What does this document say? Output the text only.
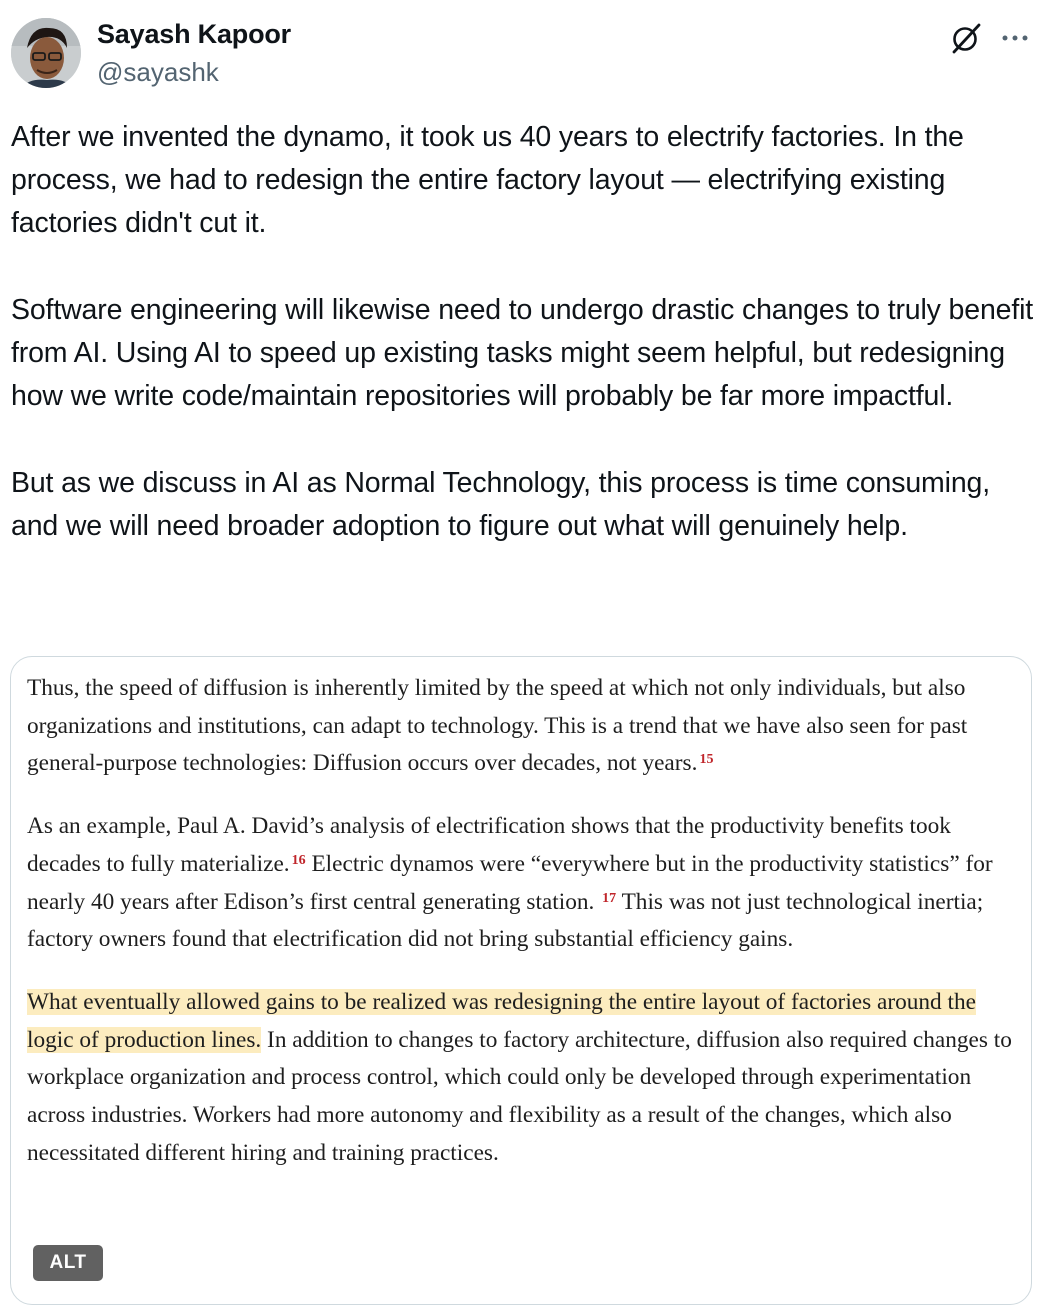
Sayash Kapoor
@sayashk
After we invented the dynamo, it took us 40 years to electrify factories. In the process, we had to redesign the entire factory layout — electrifying existing factories didn't cut it.

Software engineering will likewise need to undergo drastic changes to truly benefit from AI. Using AI to speed up existing tasks might seem helpful, but redesigning how we write code/maintain repositories will probably be far more impactful.

But as we discuss in AI as Normal Technology, this process is time consuming, and we will need broader adoption to figure out what will genuinely help.

Thus, the speed of diffusion is inherently limited by the speed at which not only individuals, but also organizations and institutions, can adapt to technology. This is a trend that we have also seen for past general-purpose technologies: Diffusion occurs over decades, not years. $^{15}$

As an example, Paul A. David’s analysis of electrification shows that the productivity benefits took decades to fully materialize. $^{16}$ Electric dynamos were “everywhere but in the productivity statistics” for nearly 40 years after Edison’s first central generating station. $^{17}$ This was not just technological inertia; factory owners found that electrification did not bring substantial efficiency gains.

What eventually allowed gains to be realized was redesigning the entire layout of factories around the logic of production lines. In addition to changes to factory architecture, diffusion also required changes to workplace organization and process control, which could only be developed through experimentation across industries. Workers had more autonomy and flexibility as a result of the changes, which also necessitated different hiring and training practices.

ALT
